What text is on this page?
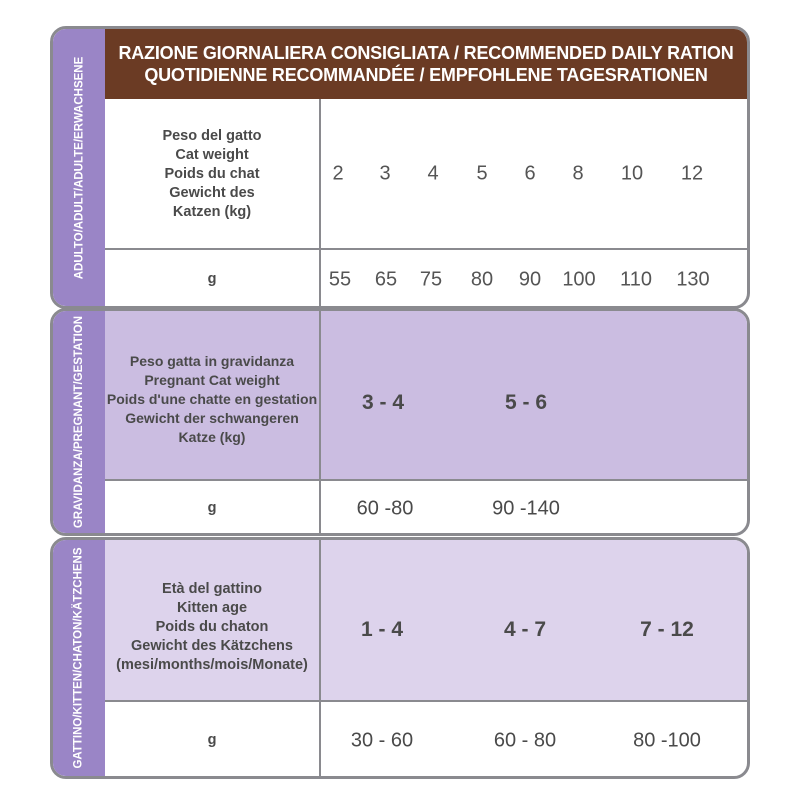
ADULTO/ADULT/ADULTE/ERWACHSENE
RAZIONE GIORNALIERA CONSIGLIATA / RECOMMENDED DAILY RATION
QUOTIDIENNE RECOMMANDÉE / EMPFOHLENE TAGESRATIONEN
Peso del gatto
Cat weight
Poids du chat
Gewicht des
Katzen (kg)
2 3 4 5 6 8 10 12
g	55 65 75 80 90 100 110 130
GRAVIDANZA/PREGNANT/GESTATION	Peso gatta in gravidanza
Pregnant Cat weight
Poids d'une chatte en gestation
Gewicht der schwangeren
Katze (kg)
3 - 4	5 - 6
g	60 -80	90 -140
GATTINO/KITTEN/CHATON/KÄTZCHENS	Età del gattino
Kitten age
Poids du chaton
Gewicht des Kätzchens
(mesi/months/mois/Monate)
1 - 4	4 - 7	7 - 12
g	30 - 60	60 - 80	80 -100
